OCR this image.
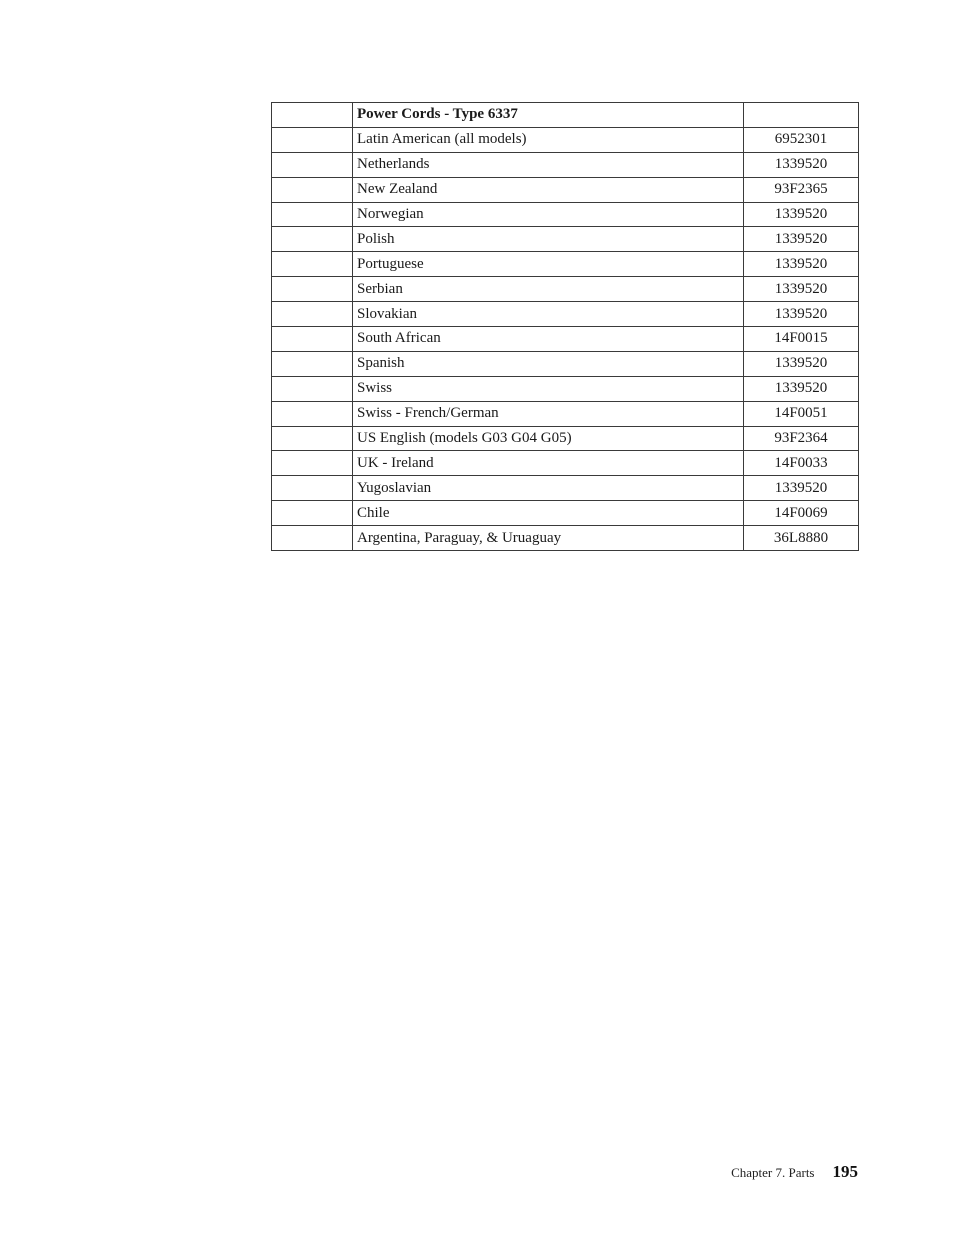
	Power Cords - Type 6337	
	Latin American (all models)	6952301
	Netherlands	1339520
	New Zealand	93F2365
	Norwegian	1339520
	Polish	1339520
	Portuguese	1339520
	Serbian	1339520
	Slovakian	1339520
	South African	14F0015
	Spanish	1339520
	Swiss	1339520
	Swiss - French/German	14F0051
	US English (models G03 G04 G05)	93F2364
	UK - Ireland	14F0033
	Yugoslavian	1339520
	Chile	14F0069
	Argentina, Paraguay, & Uruaguay	36L8880
Chapter 7. Parts 195
